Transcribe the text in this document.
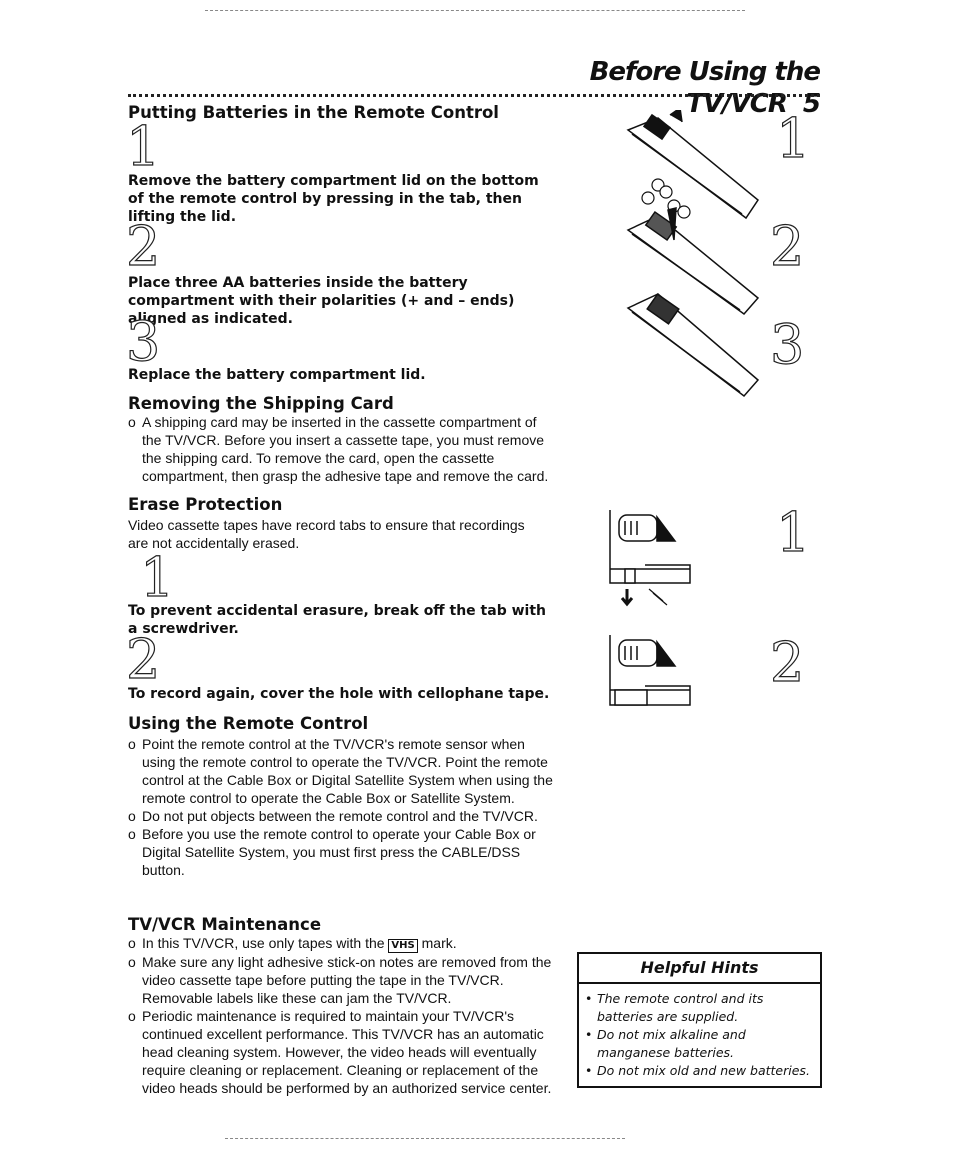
Before Using the TV/VCR 5
Putting Batteries in the Remote Control
1
Remove the battery compartment lid on the bottom of the remote control by pressing in the tab, then lifting the lid.
2
Place three AA batteries inside the battery compartment with their polarities (+ and – ends) aligned as indicated.
3
Replace the battery compartment lid.
1
2
3
Removing the Shipping Card
o A shipping card may be inserted in the cassette compartment of the TV/VCR. Before you insert a cassette tape, you must remove the shipping card. To remove the card, open the cassette compartment, then grasp the adhesive tape and remove the card.
Erase Protection
Video cassette tapes have record tabs to ensure that recordings are not accidentally erased.
1
To prevent accidental erasure, break off the tab with a screwdriver.
2
To record again, cover the hole with cellophane tape.
1
2
Using the Remote Control
o Point the remote control at the TV/VCR's remote sensor when using the remote control to operate the TV/VCR. Point the remote control at the Cable Box or Digital Satellite System when using the remote control to operate the Cable Box or Satellite System.
o Do not put objects between the remote control and the TV/VCR.
o Before you use the remote control to operate your Cable Box or Digital Satellite System, you must first press the CABLE/DSS button.
TV/VCR Maintenance
o In this TV/VCR, use only tapes with the VHS mark.
o Make sure any light adhesive stick-on notes are removed from the video cassette tape before putting the tape in the TV/VCR. Removable labels like these can jam the TV/VCR.
o Periodic maintenance is required to maintain your TV/VCR's continued excellent performance. This TV/VCR has an automatic head cleaning system. However, the video heads will eventually require cleaning or replacement. Cleaning or replacement of the video heads should be performed by an authorized service center.
Helpful Hints
• The remote control and its batteries are supplied.
• Do not mix alkaline and manganese batteries.
• Do not mix old and new batteries.
